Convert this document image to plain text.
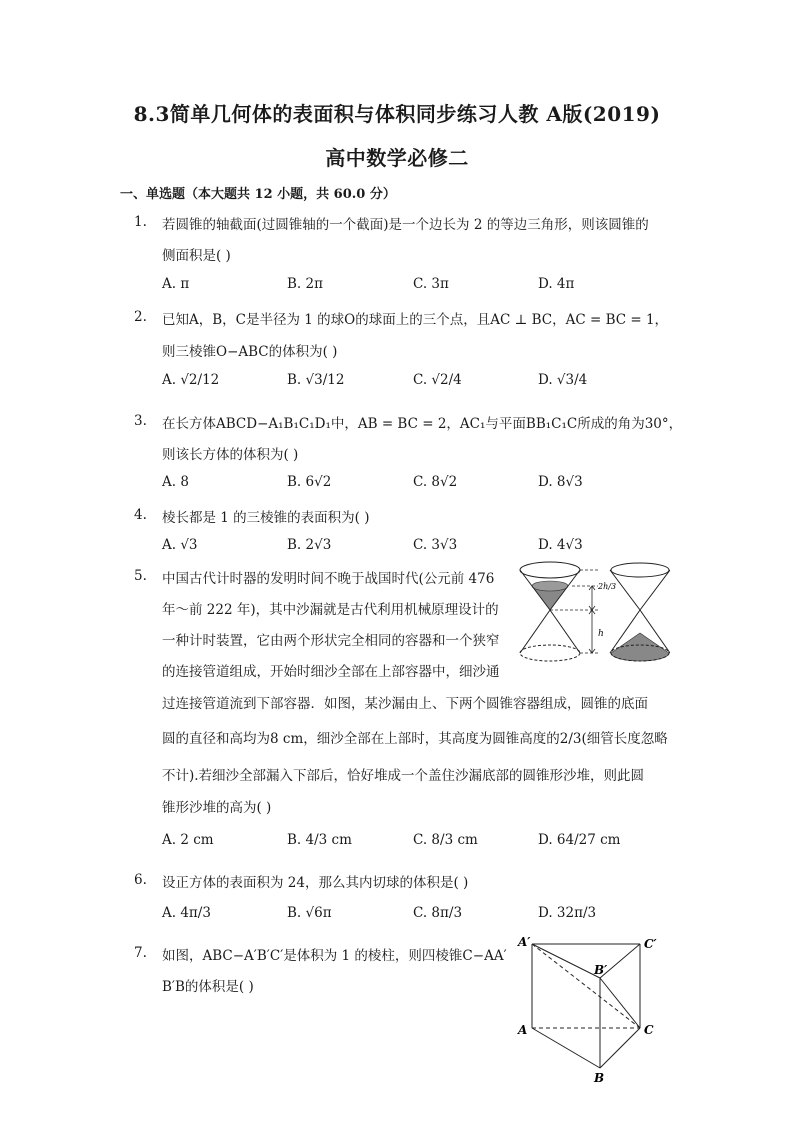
8.3简单几何体的表面积与体积同步练习人教 A版(2019)
高中数学必修二
一、单选题（本大题共 12 小题，共 60.0 分）
1. 若圆锥的轴截面(过圆锥轴的一个截面)是一个边长为 2 的等边三角形，则该圆锥的
侧面积是( )
A. π	B. 2π	C. 3π	D. 4π
2. 已知A，B，C是半径为 1 的球O的球面上的三个点，且AC ⊥ BC，AC = BC = 1，
则三棱锥O−ABC的体积为( )
A. √2/12	B. √3/12	C. √2/4	D. √3/4
3. 在长方体ABCD−A₁B₁C₁D₁中，AB = BC = 2，AC₁与平面BB₁C₁C所成的角为30°，
则该长方体的体积为( )
A. 8	B. 6√2	C. 8√2	D. 8√3
4. 棱长都是 1 的三棱锥的表面积为( )
A. √3	B. 2√3	C. 3√3	D. 4√3
5. 中国古代计时器的发明时间不晚于战国时代(公元前 476
年～前 222 年)，其中沙漏就是古代利用机械原理设计的
一种计时装置，它由两个形状完全相同的容器和一个狭窄
的连接管道组成，开始时细沙全部在上部容器中，细沙通
过连接管道流到下部容器．如图，某沙漏由上、下两个圆锥容器组成，圆锥的底面
圆的直径和高均为8 cm，细沙全部在上部时，其高度为圆锥高度的2/3(细管长度忽略
不计).若细沙全部漏入下部后，恰好堆成一个盖住沙漏底部的圆锥形沙堆，则此圆
锥形沙堆的高为( )
A. 2 cm	B. 4/3 cm	C. 8/3 cm	D. 64/27 cm
2h/3
h
6. 设正方体的表面积为 24，那么其内切球的体积是( )
A. 4π/3	B. √6π	C. 8π/3	D. 32π/3
7. 如图，ABC−A′B′C′是体积为 1 的棱柱，则四棱锥C−AA′
B′B的体积是( )
A′
B′
C′
A
B
C
